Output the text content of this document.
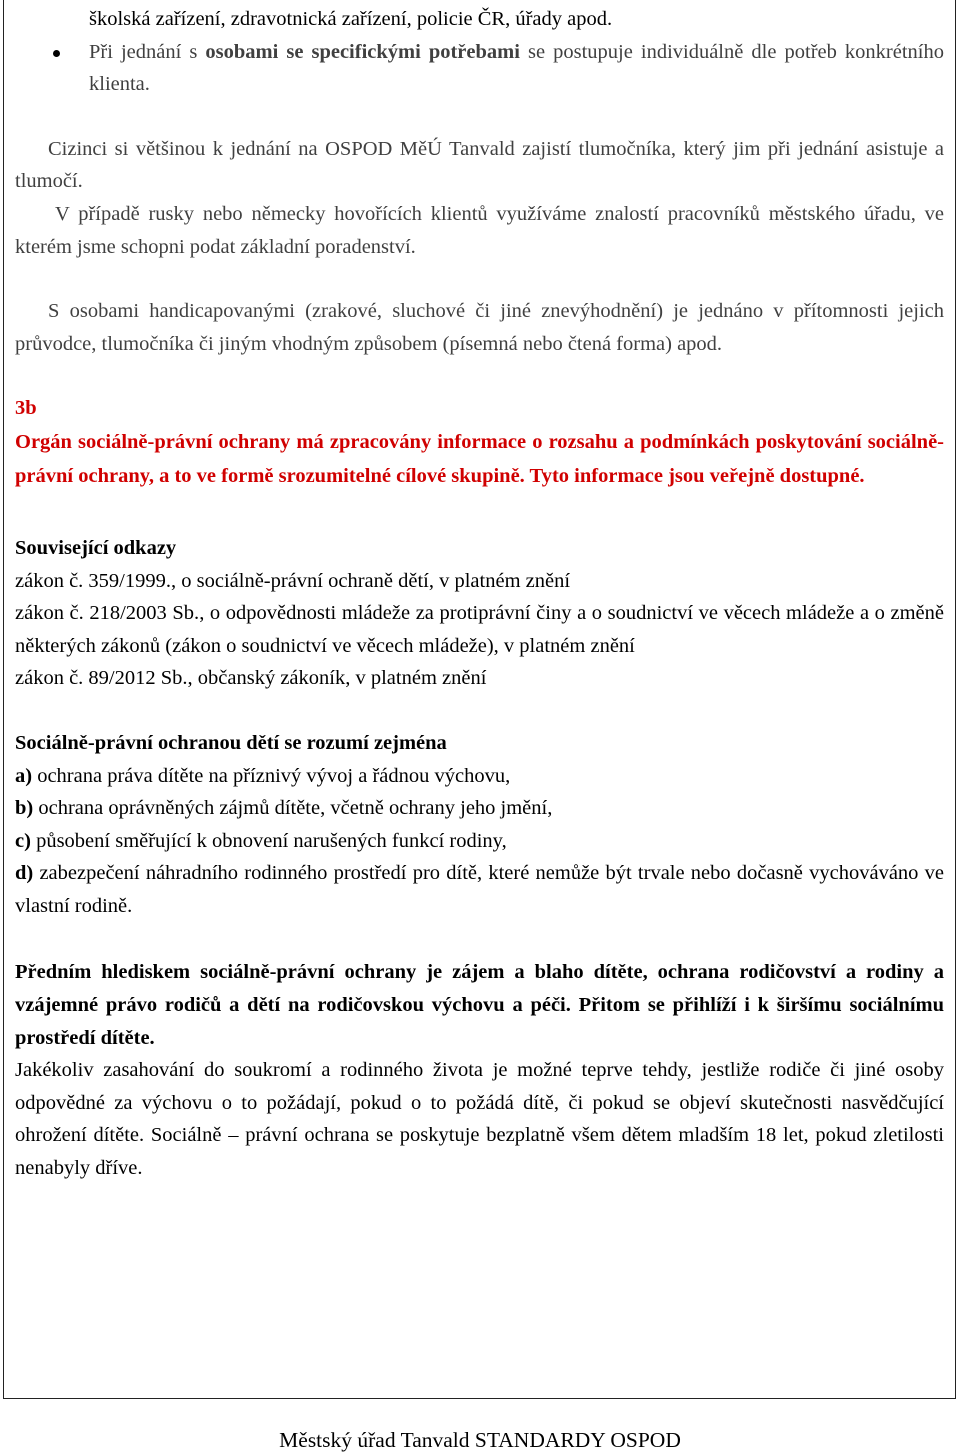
školská zařízení, zdravotnická zařízení, policie ČR, úřady apod.

Při jednání s osobami se specifickými potřebami se postupuje individuálně dle potřeb konkrétního klienta.

Cizinci si většinou k jednání na OSPOD MěÚ Tanvald zajistí tlumočníka, který jim při jednání asistuje a tlumočí.

V případě rusky nebo německy hovořících klientů využíváme znalostí pracovníků městského úřadu, ve kterém jsme schopni podat základní poradenství.

S osobami handicapovanými (zrakové, sluchové či jiné znevýhodnění) je jednáno v přítomnosti jejich průvodce, tlumočníka či jiným vhodným způsobem (písemná nebo čtená forma) apod.

3b

Orgán sociálně-právní ochrany má zpracovány informace o rozsahu a podmínkách poskytování sociálně-právní ochrany, a to ve formě srozumitelné cílové skupině. Tyto informace jsou veřejně dostupné.

Související odkazy

zákon č. 359/1999., o sociálně-právní ochraně dětí, v platném znění

zákon č. 218/2003 Sb., o odpovědnosti mládeže za protiprávní činy a o soudnictví ve věcech mládeže a o změně některých zákonů (zákon o soudnictví ve věcech mládeže), v platném znění

zákon č. 89/2012 Sb., občanský zákoník, v platném znění

Sociálně-právní ochranou dětí se rozumí zejména

a) ochrana práva dítěte na příznivý vývoj a řádnou výchovu,

b) ochrana oprávněných zájmů dítěte, včetně ochrany jeho jmění,

c) působení směřující k obnovení narušených funkcí rodiny,

d) zabezpečení náhradního rodinného prostředí pro dítě, které nemůže být trvale nebo dočasně vychováváno ve vlastní rodině.

Předním hlediskem sociálně-právní ochrany je zájem a blaho dítěte, ochrana rodičovství a rodiny a vzájemné právo rodičů a dětí na rodičovskou výchovu a péči. Přitom se přihlíží i k širšímu sociálnímu prostředí dítěte.

Jakékoliv zasahování do soukromí a rodinného života je možné teprve tehdy, jestliže rodiče či jiné osoby odpovědné za výchovu o to požádají, pokud o to požádá dítě, či pokud se objeví skutečnosti nasvědčující ohrožení dítěte. Sociálně – právní ochrana se poskytuje bezplatně všem dětem mladším 18 let, pokud zletilosti nenabyly dříve.

Městský úřad Tanvald STANDARDY OSPOD
